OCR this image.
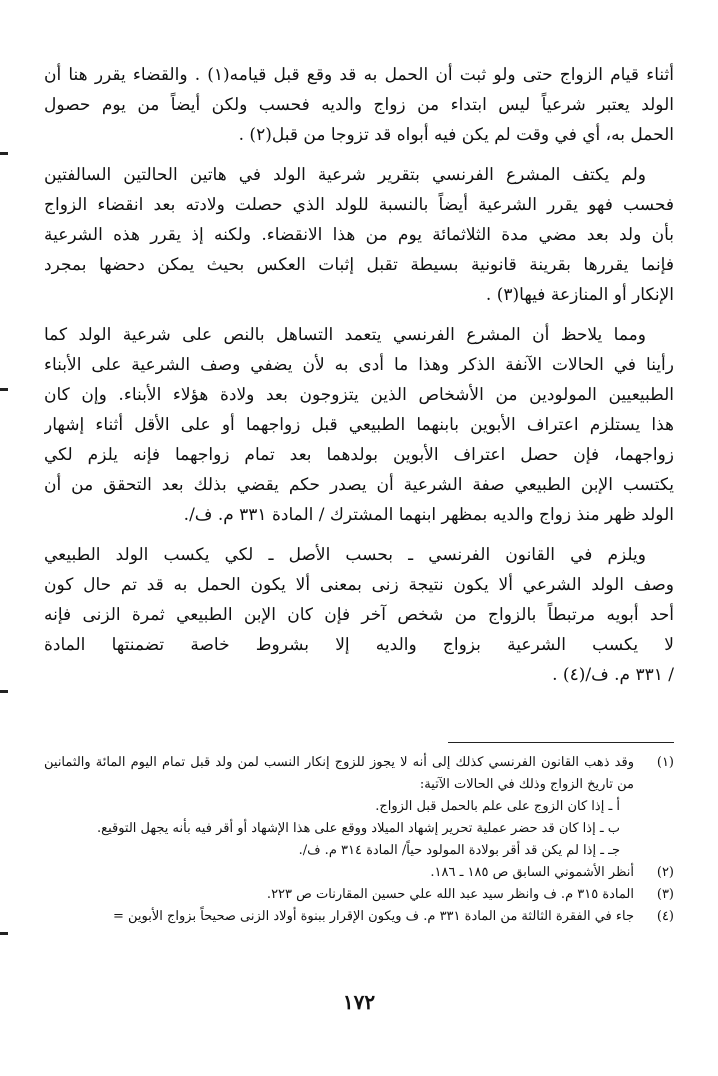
أثناء قيام الزواج حتى ولو ثبت أن الحمل به قد وقع قبل قيامه(١) . والقضاء يقرر هنا أن
الولد يعتبر شرعياً ليس ابتداء من زواج والديه فحسب ولكن أيضاً من يوم حصول
الحمل به، أي في وقت لم يكن فيه أبواه قد تزوجا من قبل(٢) .

ولم يكتف المشرع الفرنسي بتقرير شرعية الولد في هاتين الحالتين السالفتين
فحسب فهو يقرر الشرعية أيضاً بالنسبة للولد الذي حصلت ولادته بعد انقضاء الزواج
بأن ولد بعد مضي مدة الثلاثمائة يوم من هذا الانقضاء. ولكنه إذ يقرر هذه الشرعية
فإنما يقررها بقرينة قانونية بسيطة تقبل إثبات العكس بحيث يمكن دحضها بمجرد
الإنكار أو المنازعة فيها(٣) .

ومما يلاحظ أن المشرع الفرنسي يتعمد التساهل بالنص على شرعية الولد كما
رأينا في الحالات الآنفة الذكر وهذا ما أدى به لأن يضفي وصف الشرعية على الأبناء
الطبيعيين المولودين من الأشخاص الذين يتزوجون بعد ولادة هؤلاء الأبناء. وإن كان
هذا يستلزم اعتراف الأبوين بابنهما الطبيعي قبل زواجهما أو على الأقل أثناء إشهار
زواجهما، فإن حصل اعتراف الأبوين بولدهما بعد تمام زواجهما فإنه يلزم لكي
يكتسب الإبن الطبيعي صفة الشرعية أن يصدر حكم يقضي بذلك بعد التحقق من أن
الولد ظهر منذ زواج والديه بمظهر ابنهما المشترك / المادة ٣٣١ م. ف/.

ويلزم في القانون الفرنسي ـ بحسب الأصل ـ لكي يكسب الولد الطبيعي
وصف الولد الشرعي ألا يكون نتيجة زنى بمعنى ألا يكون الحمل به قد تم حال كون
أحد أبويه مرتبطاً بالزواج من شخص آخر فإن كان الإبن الطبيعي ثمرة الزنى فإنه
لا يكسب الشرعية بزواج والديه إلا بشروط خاصة تضمنتها المادة
/ ٣٣١ م. ف/(٤) .

(١)
وقد ذهب القانون الفرنسي كذلك إلى أنه لا يجوز للزوج إنكار النسب لمن ولد قبل تمام اليوم المائة والثمانين من تاريخ الزواج وذلك في الحالات الآتية:
أ ـ إذا كان الزوج على علم بالحمل قبل الزواج.
ب ـ إذا كان قد حضر عملية تحرير إشهاد الميلاد ووقع على هذا الإشهاد أو أقر فيه بأنه يجهل التوقيع.
جـ ـ إذا لم يكن قد أقر بولادة المولود حياً/ المادة ٣١٤ م. ف/.
(٢)
أنظر الأشموني السابق ص ١٨٥ ـ ١٨٦.
(٣)
المادة ٣١٥ م. ف وانظر سيد عبد الله علي حسين المقارنات ص ٢٢٣.
(٤)
جاء في الفقرة الثالثة من المادة ٣٣١ م. ف ويكون الإقرار ببنوة أولاد الزنى صحيحاً بزواج الأبوين =
١٧٢
